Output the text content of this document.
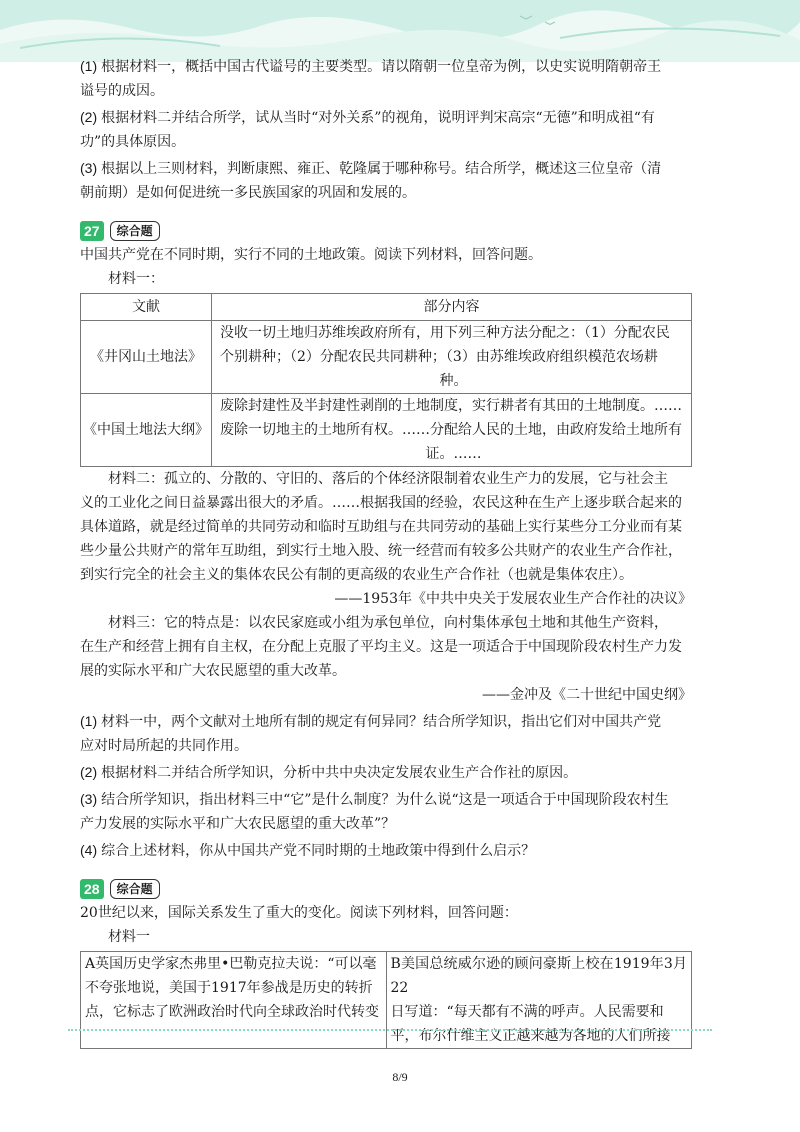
(1) 根据材料一，概括中国古代谥号的主要类型。请以隋朝一位皇帝为例，以史实说明隋朝帝王
谥号的成因。
(2) 根据材料二并结合所学，试从当时“对外关系”的视角，说明评判宋高宗“无德”和明成祖“有
功”的具体原因。
(3) 根据以上三则材料，判断康熙、雍正、乾隆属于哪种称号。结合所学，概述这三位皇帝（清
朝前期）是如何促进统一多民族国家的巩固和发展的。
27	综合题
中国共产党在不同时期，实行不同的土地政策。阅读下列材料，回答问题。
材料一：
文献	部分内容
《井冈山土地法》	没收一切土地归苏维埃政府所有，用下列三种方法分配之：（1）分配农民
个别耕种；（2）分配农民共同耕种；（3）由苏维埃政府组织模范农场耕
种。

《中国土地法大纲》	废除封建性及半封建性剥削的土地制度，实行耕者有其田的土地制度。……
废除一切地主的土地所有权。……分配给人民的土地，由政府发给土地所有
证。……
材料二：孤立的、分散的、守旧的、落后的个体经济限制着农业生产力的发展，它与社会主
义的工业化之间日益暴露出很大的矛盾。……根据我国的经验，农民这种在生产上逐步联合起来的
具体道路，就是经过简单的共同劳动和临时互助组与在共同劳动的基础上实行某些分工分业而有某
些少量公共财产的常年互助组，到实行土地入股、统一经营而有较多公共财产的农业生产合作社，
到实行完全的社会主义的集体农民公有制的更高级的农业生产合作社（也就是集体农庄）。
——1953年《中共中央关于发展农业生产合作社的决议》
材料三：它的特点是：以农民家庭或小组为承包单位，向村集体承包土地和其他生产资料，
在生产和经营上拥有自主权，在分配上克服了平均主义。这是一项适合于中国现阶段农村生产力发
展的实际水平和广大农民愿望的重大改革。
——金冲及《二十世纪中国史纲》
(1) 材料一中，两个文献对土地所有制的规定有何异同？结合所学知识，指出它们对中国共产党
应对时局所起的共同作用。
(2) 根据材料二并结合所学知识，分析中共中央决定发展农业生产合作社的原因。
(3) 结合所学知识，指出材料三中“它”是什么制度？为什么说“这是一项适合于中国现阶段农村生
产力发展的实际水平和广大农民愿望的重大改革”？
(4) 综合上述材料，你从中国共产党不同时期的土地政策中得到什么启示？
28	综合题
20世纪以来，国际关系发生了重大的变化。阅读下列材料，回答问题：
材料一
A英国历史学家杰弗里•巴勒克拉夫说：“可以毫
不夸张地说，美国于1917年参战是历史的转折
点，它标志了欧洲政治时代向全球政治时代转变

B美国总统威尔逊的顾问豪斯上校在1919年3月22
日写道：“每天都有不满的呼声。人民需要和
平，布尔什维主义正越来越为各地的人们所接
8/9
